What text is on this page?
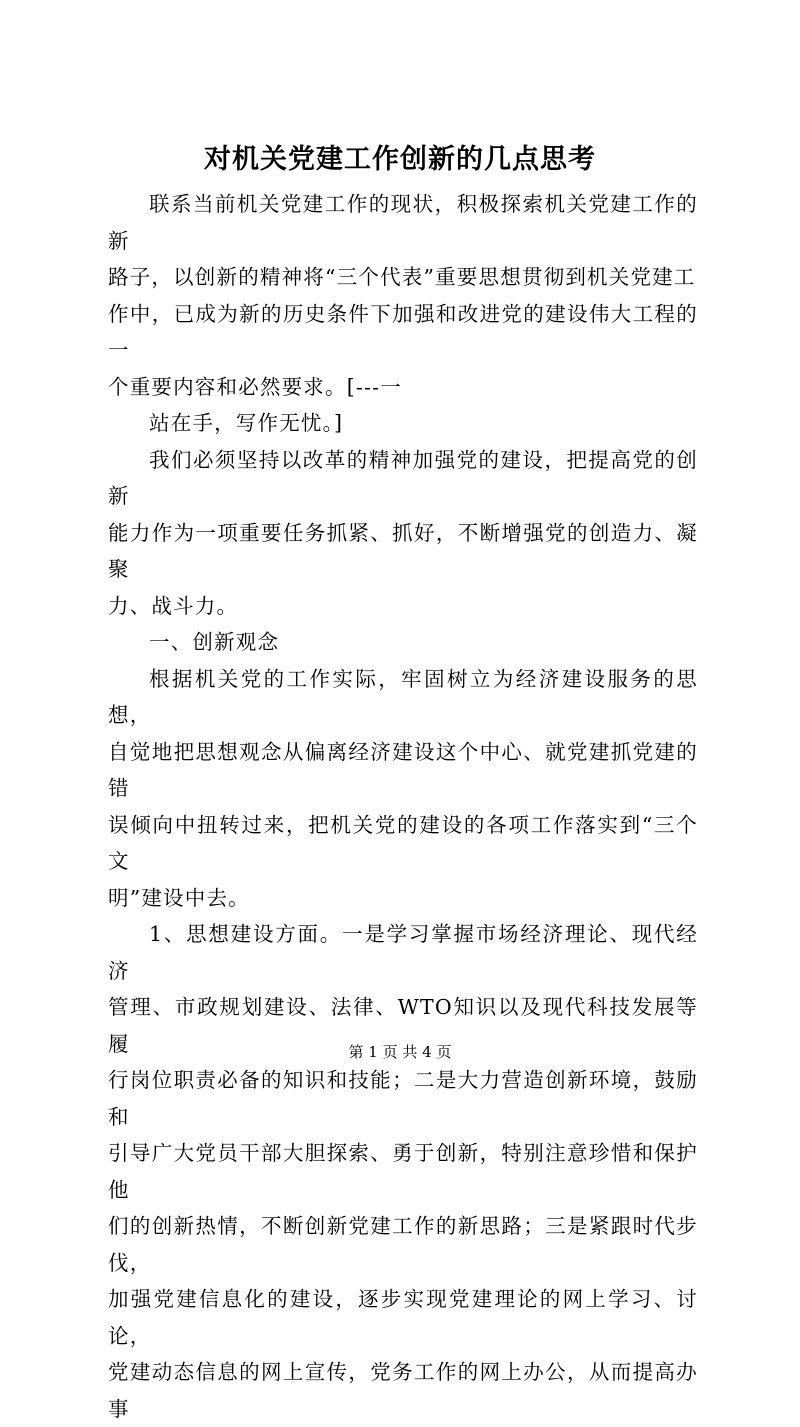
对机关党建工作创新的几点思考

联系当前机关党建工作的现状，积极探索机关党建工作的新
路子，以创新的精神将“三个代表”重要思想贯彻到机关党建工
作中，已成为新的历史条件下加强和改进党的建设伟大工程的一
个重要内容和必然要求。[---一

站在手，写作无忧。]

我们必须坚持以改革的精神加强党的建设，把提高党的创新
能力作为一项重要任务抓紧、抓好，不断增强党的创造力、凝聚
力、战斗力。

一、创新观念

根据机关党的工作实际，牢固树立为经济建设服务的思想，
自觉地把思想观念从偏离经济建设这个中心、就党建抓党建的错
误倾向中扭转过来，把机关党的建设的各项工作落实到“三个文
明”建设中去。

1、思想建设方面。一是学习掌握市场经济理论、现代经济
管理、市政规划建设、法律、WTO知识以及现代科技发展等履
行岗位职责必备的知识和技能；二是大力营造创新环境，鼓励和
引导广大党员干部大胆探索、勇于创新，特别注意珍惜和保护他
们的创新热情，不断创新党建工作的新思路；三是紧跟时代步伐，
加强党建信息化的建设，逐步实现党建理论的网上学习、讨论，
党建动态信息的网上宣传，党务工作的网上办公，从而提高办事

第 1 页 共 4 页
